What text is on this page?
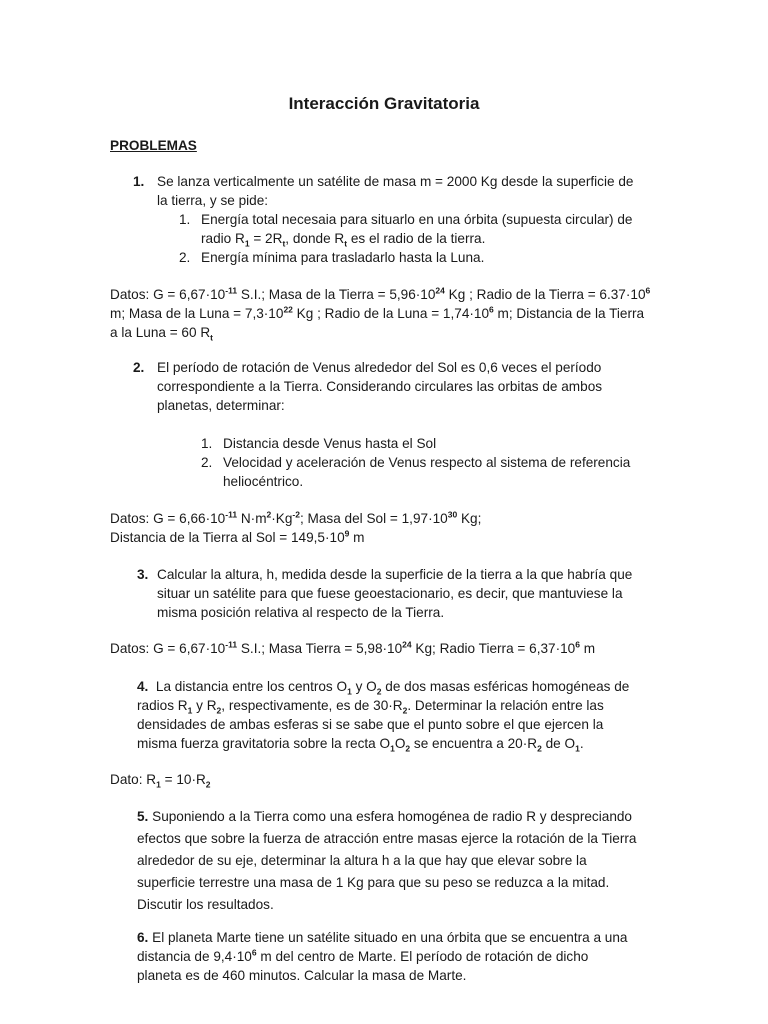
Interacción Gravitatoria
PROBLEMAS
1. Se lanza verticalmente un satélite de masa m = 2000 Kg desde la superficie de
la tierra, y se pide:
1. Energía total necesaia para situarlo en una órbita (supuesta circular) de
radio $R_1 = 2R_t$, donde $R_t$ es el radio de la tierra.
2. Energía mínima para trasladarlo hasta la Luna.
Datos: $G = 6,67\cdot 10^{-11}$ S.I.; Masa de la Tierra = $5,96\cdot 10^{24}$ Kg ; Radio de la Tierra = $6.37\cdot 10^6$
m; Masa de la Luna = $7,3\cdot 10^{22}$ Kg ; Radio de la Luna = $1,74\cdot 10^6$ m; Distancia de la Tierra
a la Luna = 60 $R_t$
2. El período de rotación de Venus alrededor del Sol es 0,6 veces el período
correspondiente a la Tierra. Considerando circulares las orbitas de ambos
planetas, determinar:
1. Distancia desde Venus hasta el Sol
2. Velocidad y aceleración de Venus respecto al sistema de referencia
heliocéntrico.
Datos: $G = 6,66\cdot 10^{-11}$ $N\cdot m^2\cdot Kg^{-2}$; Masa del Sol = $1,97\cdot 10^{30}$ Kg;
Distancia de la Tierra al Sol = $149,5\cdot 10^9$ m
3. Calcular la altura, h, medida desde la superficie de la tierra a la que habría que
situar un satélite para que fuese geoestacionario, es decir, que mantuviese la
misma posición relativa al respecto de la Tierra.
Datos: $G = 6,67\cdot 10^{-11}$ S.I.; Masa Tierra = $5,98\cdot 10^{24}$ Kg; Radio Tierra = $6,37\cdot 10^6$ m
4. La distancia entre los centros $O_1$ y $O_2$ de dos masas esféricas homogéneas de
radios $R_1$ y $R_2$, respectivamente, es de $30\cdot R_2$. Determinar la relación entre las
densidades de ambas esferas si se sabe que el punto sobre el que ejercen la
misma fuerza gravitatoria sobre la recta $O_1O_2$ se encuentra a $20\cdot R_2$ de $O_1$.
Dato: $R_1 = 10\cdot R_2$
5. Suponiendo a la Tierra como una esfera homogénea de radio R y despreciando
efectos que sobre la fuerza de atracción entre masas ejerce la rotación de la Tierra
alrededor de su eje, determinar la altura h a la que hay que elevar sobre la
superficie terrestre una masa de 1 Kg para que su peso se reduzca a la mitad.
Discutir los resultados.
6. El planeta Marte tiene un satélite situado en una órbita que se encuentra a una
distancia de $9,4\cdot 10^6$ m del centro de Marte. El período de rotación de dicho
planeta es de 460 minutos. Calcular la masa de Marte.
